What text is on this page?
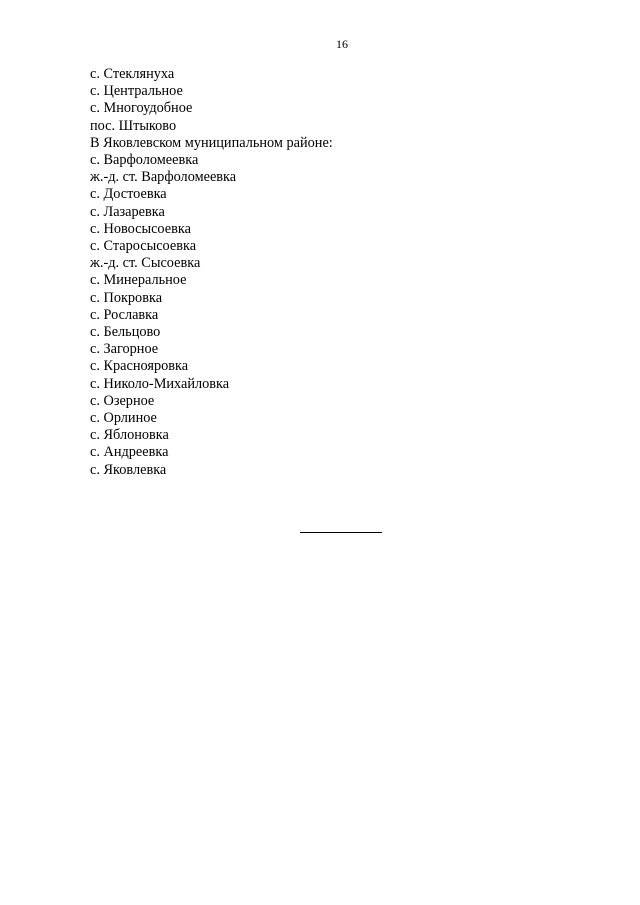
16
с. Стеклянуха
с. Центральное
с. Многоудобное
пос. Штыково
В Яковлевском муниципальном районе:
с. Варфоломеевка
ж.-д. ст. Варфоломеевка
с. Достоевка
с. Лазаревка
с. Новосысоевка
с. Старосысоевка
ж.-д. ст. Сысоевка
с. Минеральное
с. Покровка
с. Рославка
с. Бельцово
с. Загорное
с. Краснояровка
с. Николо-Михайловка
с. Озерное
с. Орлиное
с. Яблоновка
с. Андреевка
с. Яковлевка
